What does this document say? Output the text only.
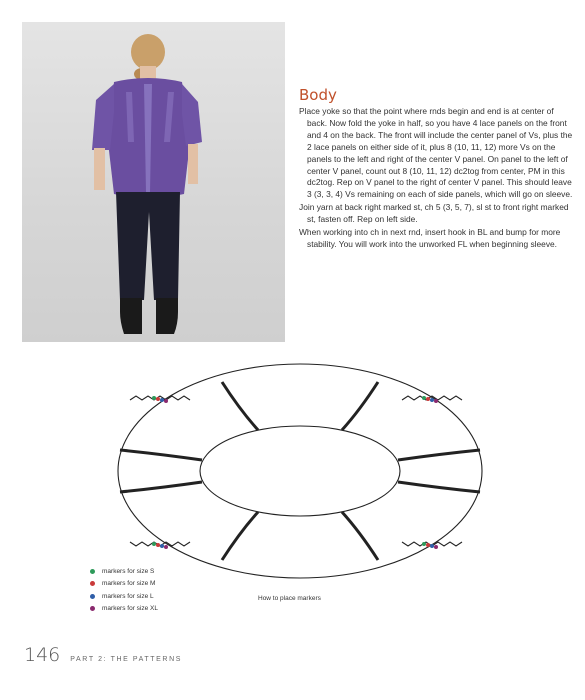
Body

Place yoke so that the point where rnds begin and end is at center of back. Now fold the yoke in half, so you have 4 lace panels on the front and 4 on the back. The front will include the center panel of Vs, plus the 2 lace panels on either side of it, plus 8 (10, 11, 12) more Vs on the panels to the left and right of the center V panel. On panel to the left of center V panel, count out 8 (10, 11, 12) dc2tog from center, PM in this dc2tog. Rep on V panel to the right of center V panel. This should leave 3 (3, 3, 4) Vs remaining on each of side panels, which will go on sleeve.

Join yarn at back right marked st, ch 5 (3, 5, 7), sl st to front right marked st, fasten off. Rep on left side.

When working into ch in next rnd, insert hook in BL and bump for more stability. You will work into the unworked FL when beginning sleeve.

markers for size S
markers for size M
markers for size L
markers for size XL
How to place markers
146 PART 2: THE PATTERNS
